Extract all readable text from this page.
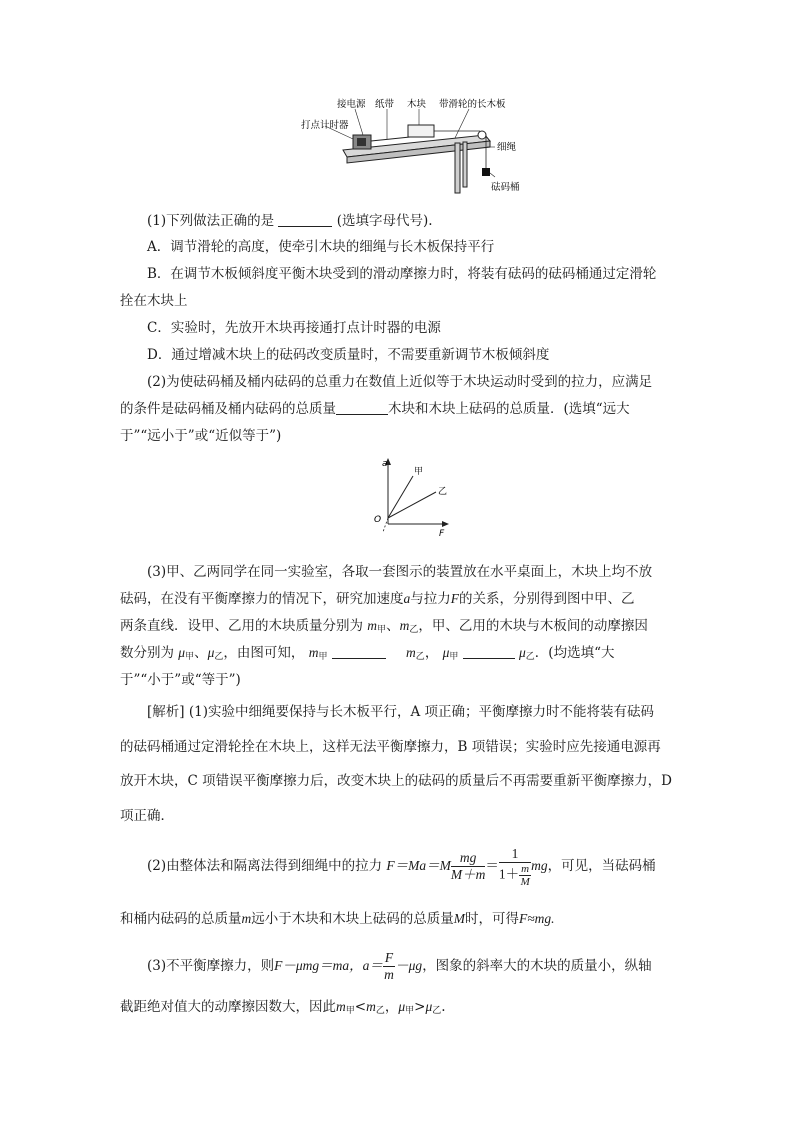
接电源 纸带 木块 带滑轮的长木板
打点计时器
细绳
砝码桶
(1)下列做法正确的是	(选填字母代号).
A．调节滑轮的高度，使牵引木块的细绳与长木板保持平行
B．在调节木板倾斜度平衡木块受到的滑动摩擦力时，将装有砝码的砝码桶通过定滑轮
拴在木块上
C．实验时，先放开木块再接通打点计时器的电源
D．通过增减木块上的砝码改变质量时，不需要重新调节木板倾斜度
(2)为使砝码桶及桶内砝码的总重力在数值上近似等于木块运动时受到的拉力，应满足
的条件是砝码桶及桶内砝码的总质量	木块和木块上砝码的总质量．(选填“远大
于”“远小于”或“近似等于”)
a
F
O
甲
乙
(3)甲、乙两同学在同一实验室，各取一套图示的装置放在水平桌面上，木块上均不放
砝码，在没有平衡摩擦力的情况下，研究加速度a与拉力F的关系，分别得到图中甲、乙
两条直线．设甲、乙用的木块质量分别为 $m_甲$、$m_乙$，甲、乙用的木块与木板间的动摩擦因
数分别为 $\mu_甲$、$\mu_乙$，由图可知， $m_甲$	$m_乙$， $\mu_甲$	$\mu_乙$．(均选填“大
于”“小于”或“等于”)
[解析] (1)实验中细绳要保持与长木板平行，A 项正确；平衡摩擦力时不能将装有砝码
的砝码桶通过定滑轮拴在木块上，这样无法平衡摩擦力，B 项错误；实验时应先接通电源再
放开木块，C 项错误平衡摩擦力后，改变木块上的砝码的质量后不再需要重新平衡摩擦力，D
项正确．
(2)由整体法和隔离法得到细绳中的拉力 $F=Ma=M \frac{mg}{M+m} = \frac{1}{1+ \frac{m}{M}}$ mg，可见，当砝码桶
和桶内砝码的总质量m远小于木块和木块上砝码的总质量M时，可得F≈mg.
(3)不平衡摩擦力，则F－μmg＝ma，$a= \frac{F}{m} -\mu g$，图象的斜率大的木块的质量小，纵轴
截距绝对值大的动摩擦因数大，因此$m_甲<m_乙$，$\mu_甲>\mu_乙$.
